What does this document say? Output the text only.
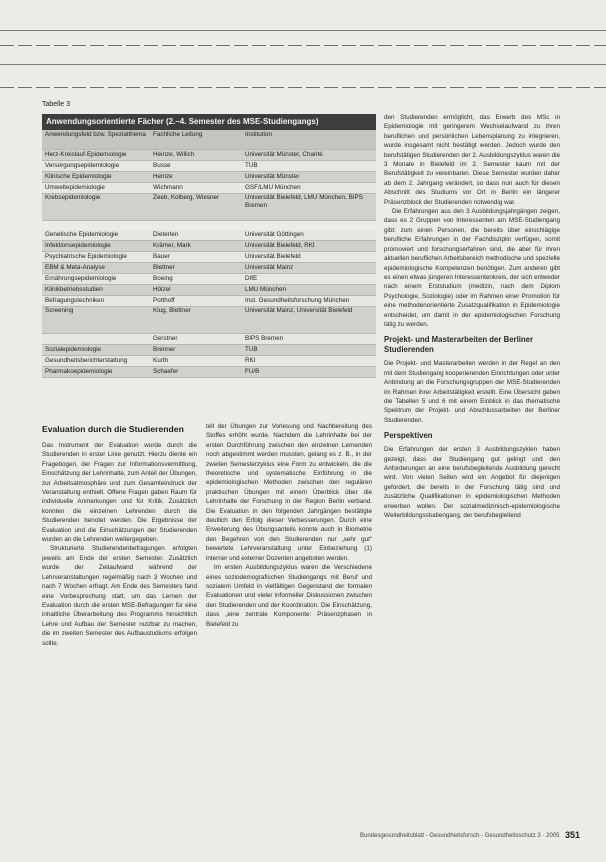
Tabelle 3
Anwendungsorientierte Fächer (2.–4. Semester des MSE-Studiengangs)
Anwendungsfeld bzw. Spezialthema	Fachliche Leitung	Institution
Herz-Kreislauf-Epidemiologie	Heinze, Willich	Universität Münster, Charité
Versorgungsepidemiologie	Busse	TUB
Klinische Epidemiologie	Heinze	Universität Münster
Umweltepidemiologie	Wichmann	GSF/LMU München
Krebsepidemiologie	Zeeb, Kolberg, Wiesner	Universität Bielefeld, LMU München, BIPS Bremen

Genetische Epidemiologie	Dieterlen	Universität Göttingen
Infektionsepidemiologie	Krämer, Mark	Universität Bielefeld, RKI
Psychiatrische Epidemiologie	Bauer	Universität Bielefeld
EBM & Meta-Analyse	Blettner	Universität Mainz
Ernährungsepidemiologie	Boeing	DIfE
Klinikbetriebsstudien	Hölzel	LMU München
Befragungstechniken	Potthoff	Inst. Gesundheitsforschung München
Screening	Klug, Blettner	Universität Mainz, Universität Bielefeld
	Gerstner	BIPS Bremen
Sozialepidemiologie	Brenner	TUB
Gesundheitsberichterstattung	Kurth	RKI
Pharmakoepidemiologie	Schaefer	FU/B
Evaluation durch die Studierenden

Das Instrument der Evaluation wurde durch die Studierenden in erster Linie genutzt. Hierzu diente ein Fragebogen, der Fragen zur Informationsvermittlung, Einschätzung der Lehrinhalte, zum Anteil der Übungen, zur Arbeitsatmosphäre und zum Gesamteindruck der Veranstaltung enthielt. Offene Fragen gaben Raum für individuelle Anmerkungen und für Kritik. Zusätzlich konnten die einzelnen Lehrenden durch die Studierenden benotet werden. Die Ergebnisse der Evaluation und die Einschätzungen der Studierenden wurden an die Lehrenden weitergegeben.

Strukturierte Studierendenbefragungen erfolgten jeweils am Ende der ersten Semester. Zusätzlich wurde der Zeitaufwand während der Lehrveranstaltungen regelmäßig nach 3 Wochen und nach 7 Wochen erfragt. Am Ende des Semesters fand eine Vorbesprechung statt, um das Lernen der Evaluation durch die ersten MSE-Befragungen für eine inhaltliche Überarbeitung des Programms hinsichtlich Lehre und Aufbau der Semester nutzbar zu machen, die im zweiten Semester des Aufbaustudiums erfolgen sollte.

tell der Übungen zur Vorlesung und Nachbereitung des Stoffes erhöht wurde. Nachdem die Lehrinhalte bei der ersten Durchführung zwischen den einzelnen Lernenden noch abgestimmt werden mussten, gelang es z. B., in der zweiten Semesterzyklus eine Form zu entwickeln, die die theoretische und systematische Einführung in die epidemiologischen Methoden zwischen den regulären praktischen Übungen mit einem Überblick über die Lehrinhalte der Forschung in der Region Berlin verband. Die Evaluation in den folgenden Jahrgängen bestätigte deutlich den Erfolg dieser Verbesserungen. Durch eine Erweiterung des Übungsanteils konnte auch in Biometrie den Begehren von den Studierenden nur „sehr gut“ bewertete Lehrveranstaltung unter Einbeziehung (1) interner und externer Dozenten angeboten werden.

Im ersten Ausbildungszyklus waren die Verschiedene eines soziodemografischen Studiengangs mit Beruf und sozialem Umfeld in vielfältigen Gegenstand der formalen Evaluationen und vieler informeller Diskussionen zwischen den Studierenden und der Koordination. Die Einschätzung, dass „eine zentrale Komponente: Präsenzphasen in Bielefeld zu

den Studierenden ermöglicht, das Erwerb des MSc in Epidemiologie mit geringerem Wechselaufwand zu ihren beruflichen und persönlichen Lebensplanung zu integrieren, wurde insgesamt nicht bestätigt werden. Jedoch wurde den berufstätigen Studierenden der 2. Ausbildungszyklus waren die 3 Monate in Bielefeld im 2. Semester kaum mit der Berufstätigkeit zu vereinbaren. Diese Semester wurden daher ab dem 2. Jahrgang verändert, so dass nun auch für diesen Abschnitt des Studiums vor Ort in Berlin ein längerer Präsenzblock der Studierenden notwendig war.

Die Erfahrungen aus den 3 Ausbildungsjahrgängen zeigen, dass es 2 Gruppen von Interessenten am MSE-Studiengang gibt: zum einen Personen, die bereits über einschlägige berufliche Erfahrungen in der Fachdisziplin verfügen, somit promoviert und forschungserfahren sind, die aber für ihren aktuellen beruflichen Arbeitsbereich methodische und spezielle epidemiologische Kompetenzen benötigen. Zum anderen gibt es einen etwas jüngeren Interessentenkreis, der sich entweder nach einem Erststudium (medizin, nach dem Diplom Psychologie, Soziologie) oder im Rahmen einer Promotion für eine methodenorientierte Zusatzqualifikation in Epidemiologie entscheidet, um damit in der epidemiologischen Forschung tätig zu werden.

Projekt- und Masterarbeiten der Berliner Studierenden

Die Projekt- und Masterarbeiten werden in der Regel an den mit dem Studiengang kooperierenden Einrichtungen oder unter Anbindung an die Forschungsgruppen der MSE-Studierenden im Rahmen ihrer Arbeitstätigkeit erstellt. Eine Übersicht geben die Tabellen 5 und 6 mit einem Einblick in das thematische Spektrum der Projekt- und Abschlussarbeiten der Berliner Studierenden.

Perspektiven

Die Erfahrungen der ersten 3 Ausbildungszyklen haben gezeigt, dass der Studiengang gut gelingt und den Anforderungen an eine berufsbegleitende Ausbildung gerecht wird. Von vielen Seiten wird ein Angebot für diejenigen gefordert, die bereits in der Forschung tätig sind und zusätzliche Qualifikationen in epidemiologischen Methoden erwerben wollen. Der sozialmedizinisch-epidemiologische Weiterbildungsstudiengang, der berufsbegleitend

Bundesgesundheitsblatt - Gesundheitsforsch - Gesundheitsschutz 3 · 2005 351
